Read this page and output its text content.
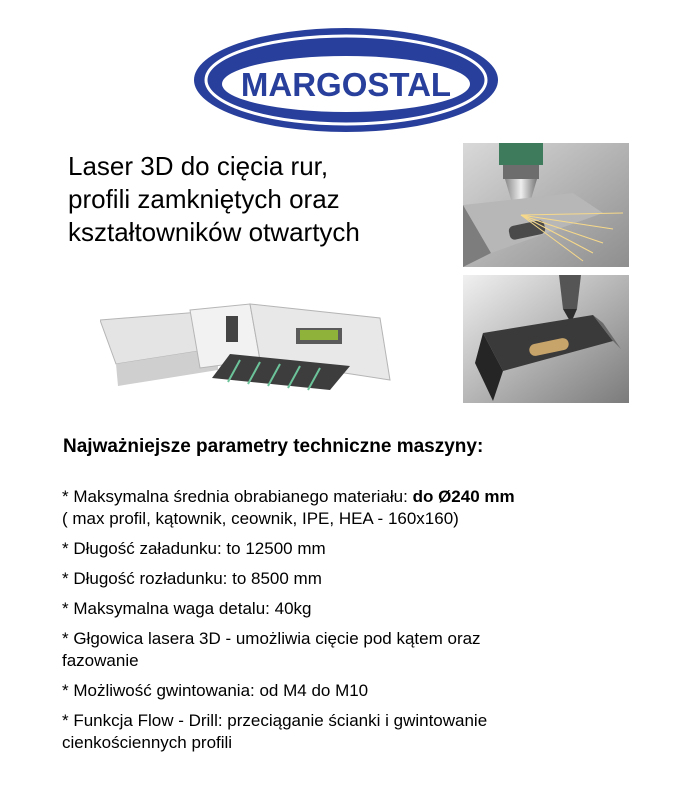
MARGOSTAL
Laser 3D do cięcia rur,
profili zamkniętych oraz
kształtowników otwartych
Najważniejsze parametry techniczne maszyny:
* Maksymalna średnia obrabianego materiału: do Ø240 mm
( max profil, kątownik, ceownik, IPE, HEA - 160x160)
* Długość załadunku: to 12500 mm
* Długość rozładunku: to 8500 mm
* Maksymalna waga detalu: 40kg
* Głgowica lasera 3D - umożliwia cięcie pod kątem oraz
fazowanie
* Możliwość gwintowania: od M4 do M10
* Funkcja Flow - Drill: przeciąganie ścianki i gwintowanie
cienkościennych profili
